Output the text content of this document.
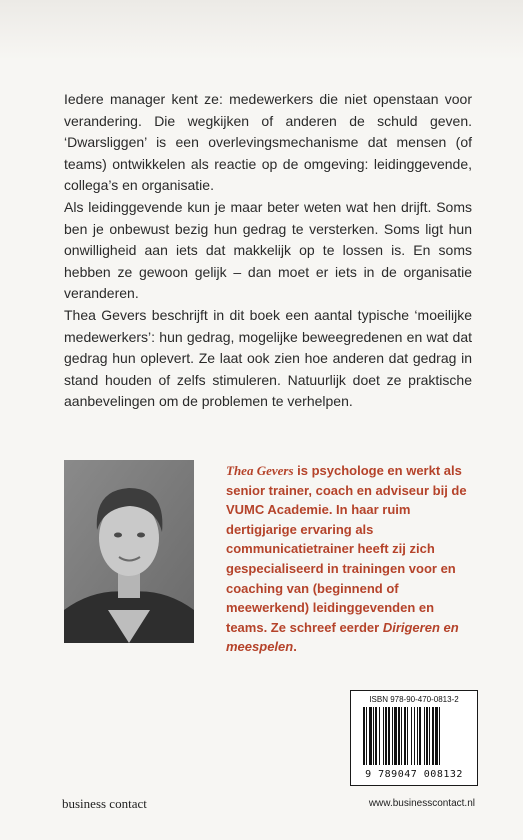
Iedere manager kent ze: medewerkers die niet openstaan voor verandering. Die wegkijken of anderen de schuld geven. ‘Dwarsliggen’ is een overlevingsmechanisme dat mensen (of teams) ontwikkelen als reactie op de omgeving: leidinggevende, collega’s en organisatie.

Als leidinggevende kun je maar beter weten wat hen drijft. Soms ben je onbewust bezig hun gedrag te versterken. Soms ligt hun onwilligheid aan iets dat makkelijk op te lossen is. En soms hebben ze gewoon gelijk – dan moet er iets in de organisatie veranderen.

Thea Gevers beschrijft in dit boek een aantal typische ‘moeilijke medewerkers’: hun gedrag, mogelijke beweegredenen en wat dat gedrag hun oplevert. Ze laat ook zien hoe anderen dat gedrag in stand houden of zelfs stimuleren. Natuurlijk doet ze praktische aanbevelingen om de problemen te verhelpen.

Thea Gevers is psychologe en werkt als senior trainer, coach en adviseur bij de VUMC Academie. In haar ruim dertigjarige ervaring als communicatietrainer heeft zij zich gespecialiseerd in trainingen voor en coaching van (beginnend of meewerkend) leidinggevenden en teams. Ze schreef eerder Dirigeren en meespelen.

ISBN 978-90-470-0813-2
9 789047 008132
business contact	www.businesscontact.nl
